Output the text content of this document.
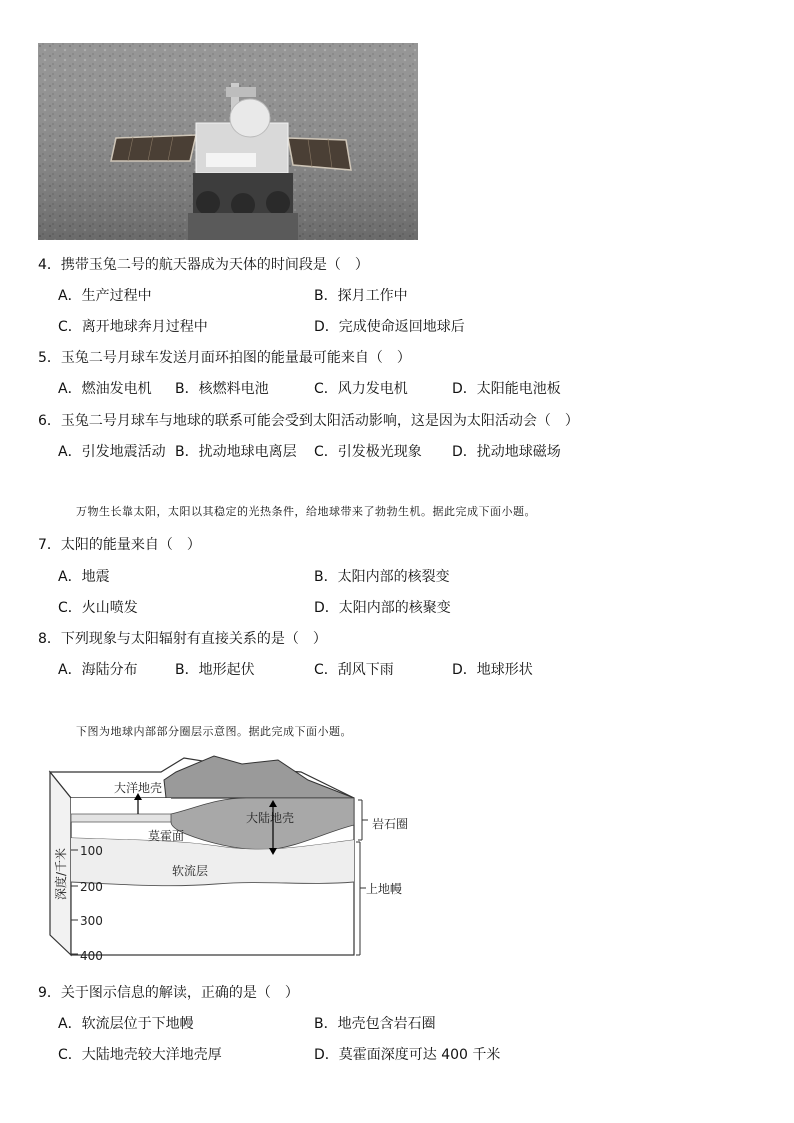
4．携带玉兔二号的航天器成为天体的时间段是（　）
A．生产过程中	B．探月工作中
C．离开地球奔月过程中	D．完成使命返回地球后
5．玉兔二号月球车发送月面环拍图的能量最可能来自（　）
A．燃油发电机 B．核燃料电池	C．风力发电机	D．太阳能电池板
6．玉兔二号月球车与地球的联系可能会受到太阳活动影响，这是因为太阳活动会（　）
A．引发地震活动 B．扰动地球电离层 C．引发极光现象 D．扰动地球磁场
万物生长靠太阳，太阳以其稳定的光热条件，给地球带来了勃勃生机。据此完成下面小题。
7．太阳的能量来自（　）
A．地震	B．太阳内部的核裂变
C．火山喷发	D．太阳内部的核聚变
8．下列现象与太阳辐射有直接关系的是（　）
A．海陆分布	B．地形起伏	C．刮风下雨	D．地球形状
下图为地球内部部分圈层示意图。据此完成下面小题。
大洋地壳
大陆地壳
莫霍面
软流层
岩石圈
上地幔
深度/千米 100
200
300
400
9．关于图示信息的解读，正确的是（　）
A．软流层位于下地幔	B．地壳包含岩石圈
C．大陆地壳较大洋地壳厚	D．莫霍面深度可达 400 千米
